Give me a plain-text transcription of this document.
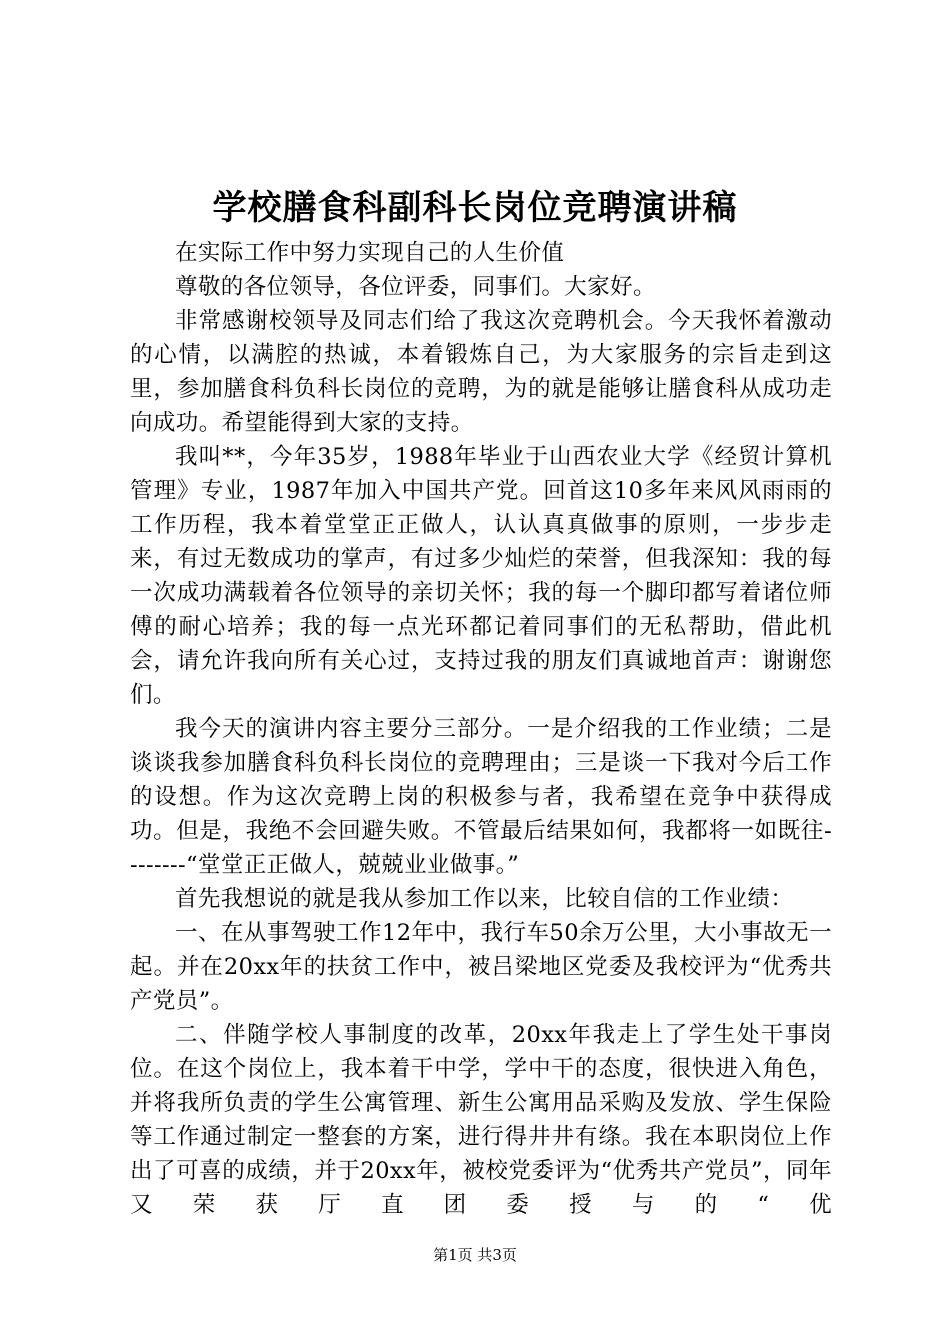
学校膳食科副科长岗位竞聘演讲稿

在实际工作中努力实现自己的人生价值

尊敬的各位领导，各位评委，同事们。大家好。

非常感谢校领导及同志们给了我这次竞聘机会。今天我怀着激动的心情，以满腔的热诚，本着锻炼自己，为大家服务的宗旨走到这里，参加膳食科负科长岗位的竞聘，为的就是能够让膳食科从成功走向成功。希望能得到大家的支持。

我叫**，今年35岁，1988年毕业于山西农业大学《经贸计算机管理》专业，1987年加入中国共产党。回首这10多年来风风雨雨的工作历程，我本着堂堂正正做人，认认真真做事的原则，一步步走来，有过无数成功的掌声，有过多少灿烂的荣誉，但我深知：我的每一次成功满载着各位领导的亲切关怀；我的每一个脚印都写着诸位师傅的耐心培养；我的每一点光环都记着同事们的无私帮助，借此机会，请允许我向所有关心过，支持过我的朋友们真诚地首声：谢谢您们。

我今天的演讲内容主要分三部分。一是介绍我的工作业绩；二是谈谈我参加膳食科负科长岗位的竞聘理由；三是谈一下我对今后工作的设想。作为这次竞聘上岗的积极参与者，我希望在竞争中获得成功。但是，我绝不会回避失败。不管最后结果如何，我都将一如既往--------“堂堂正正做人，兢兢业业做事。”

首先我想说的就是我从参加工作以来，比较自信的工作业绩：

一、在从事驾驶工作12年中，我行车50余万公里，大小事故无一起。并在20xx年的扶贫工作中，被吕梁地区党委及我校评为“优秀共产党员”。

二、伴随学校人事制度的改革，20xx年我走上了学生处干事岗位。在这个岗位上，我本着干中学，学中干的态度，很快进入角色，并将我所负责的学生公寓管理、新生公寓用品采购及发放、学生保险等工作通过制定一整套的方案，进行得井井有绦。我在本职岗位上作出了可喜的成绩，并于20xx年，被校党委评为“优秀共产党员”，同年又荣获厅直团委授与的“优

第1页 共3页
